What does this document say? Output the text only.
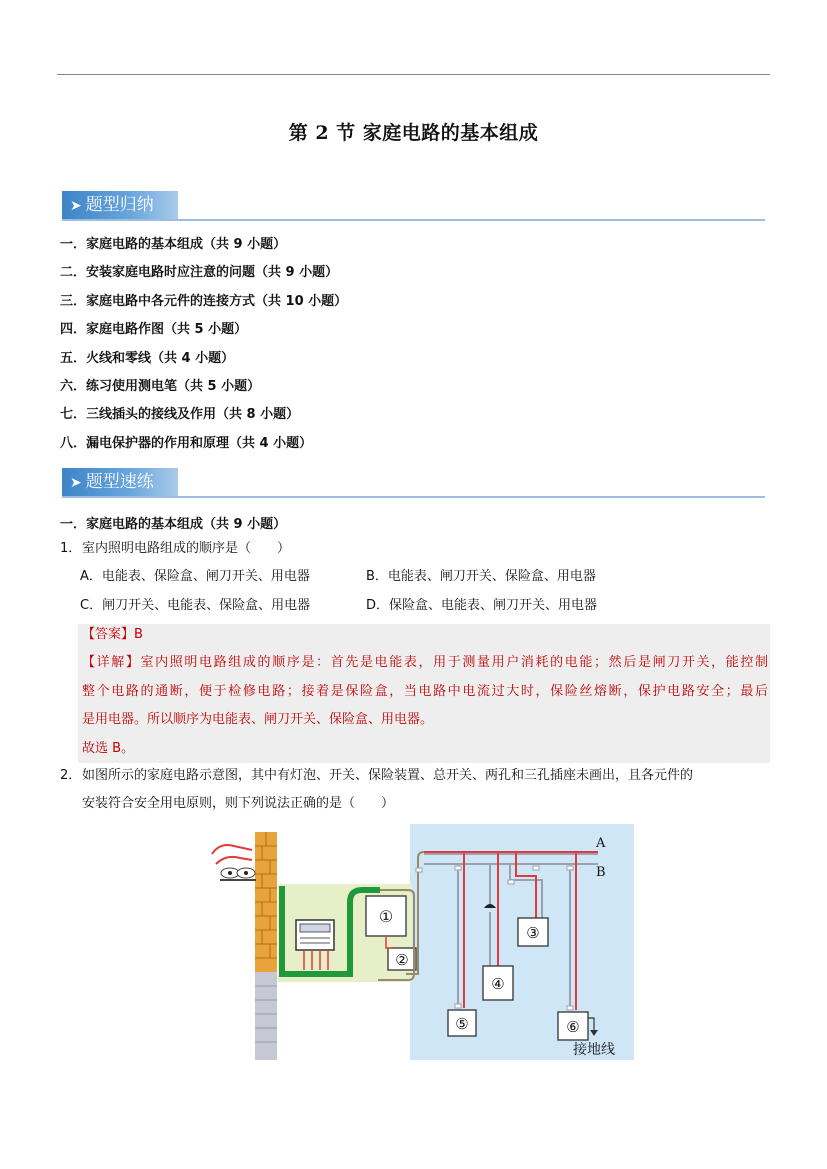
第 2 节 家庭电路的基本组成
➤ 题型归纳
一．家庭电路的基本组成（共 9 小题）
二．安装家庭电路时应注意的问题（共 9 小题）
三．家庭电路中各元件的连接方式（共 10 小题）
四．家庭电路作图（共 5 小题）
五．火线和零线（共 4 小题）
六．练习使用测电笔（共 5 小题）
七．三线插头的接线及作用（共 8 小题）
八．漏电保护器的作用和原理（共 4 小题）
➤ 题型速练
一．家庭电路的基本组成（共 9 小题）
1．室内照明电路组成的顺序是（　　）
A．电能表、保险盒、闸刀开关、用电器	B．电能表、闸刀开关、保险盒、用电器
C．闸刀开关、电能表、保险盒、用电器	D．保险盒、电能表、闸刀开关、用电器
【答案】B
【详解】室内照明电路组成的顺序是：首先是电能表，用于测量用户消耗的电能；然后是闸刀开关，能控制
整个电路的通断，便于检修电路；接着是保险盒，当电路中电流过大时，保险丝熔断，保护电路安全；最后
是用电器。所以顺序为电能表、闸刀开关、保险盒、用电器。
故选 B。
2．如图所示的家庭电路示意图，其中有灯泡、开关、保险装置、总开关、两孔和三孔插座未画出，且各元件的
安装符合安全用电原则，则下列说法正确的是（　　）
①
②
A
B
⑤
④
③
⑥
接地线
